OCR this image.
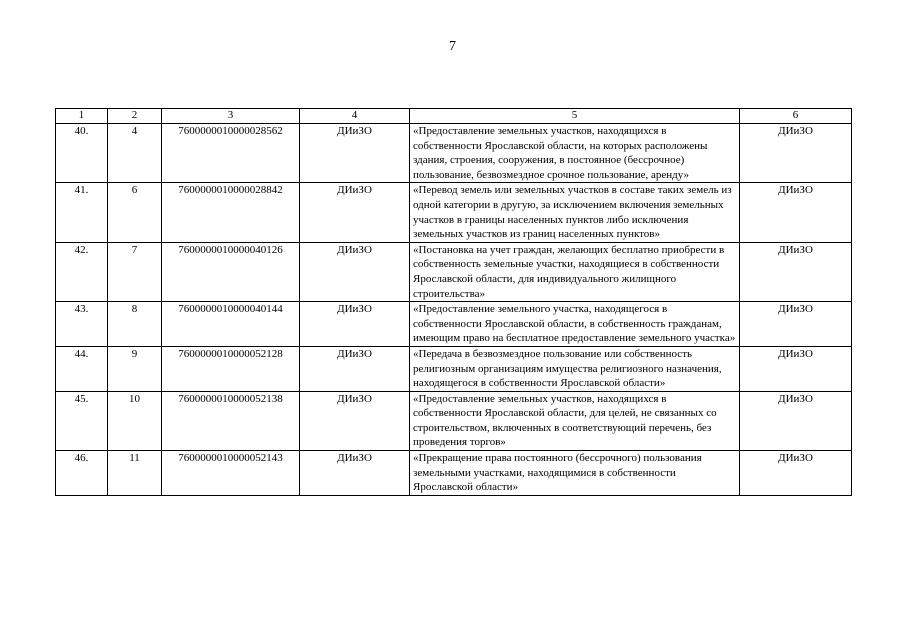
7
1	2	3	4	5	6
40.	4	760000001000002856​2	ДИиЗО	«Предоставление земельных участков, находящихся в собственности Ярославской области, на которых расположены здания, строения, сооружения, в постоянное (бессрочное) пользование, безвозмездное срочное пользование, аренду»	ДИиЗО
41.	6	7600000010000028842	ДИиЗО	«Перевод земель или земельных участков в составе таких земель из одной категории в другую, за исключением включения земельных участков в границы населенных пунктов либо исключения земельных участков из границ населенных пунктов»	ДИиЗО
42.	7	7600000010000040126	ДИиЗО	«Постановка на учет граждан, желающих бесплатно приобрести в собственность земельные участки, находящиеся в собственности Ярославской области, для индивидуального жилищного строительства»	ДИиЗО
43.	8	7600000010000040144	ДИиЗО	«Предоставление земельного участка, находящегося в собственности Ярославской области, в собственность гражданам, имеющим право на бесплатное предоставление земельного участка»	ДИиЗО
44.	9	7600000010000052128	ДИиЗО	«Передача в безвозмездное пользование или собственность религиозным организациям имущества религиозного назначения, находящегося в собственности Ярославской области»	ДИиЗО
45.	10	7600000010000052138	ДИиЗО	«Предоставление земельных участков, находящихся в собственности Ярославской области, для целей, не связанных со строительством, включенных в соответствующий перечень, без проведения торгов»	ДИиЗО
46.	11	7600000010000052143	ДИиЗО	«Прекращение права постоянного (бессрочного) пользования земельными участками, находящимися в собственности Ярославской области»	ДИиЗО
